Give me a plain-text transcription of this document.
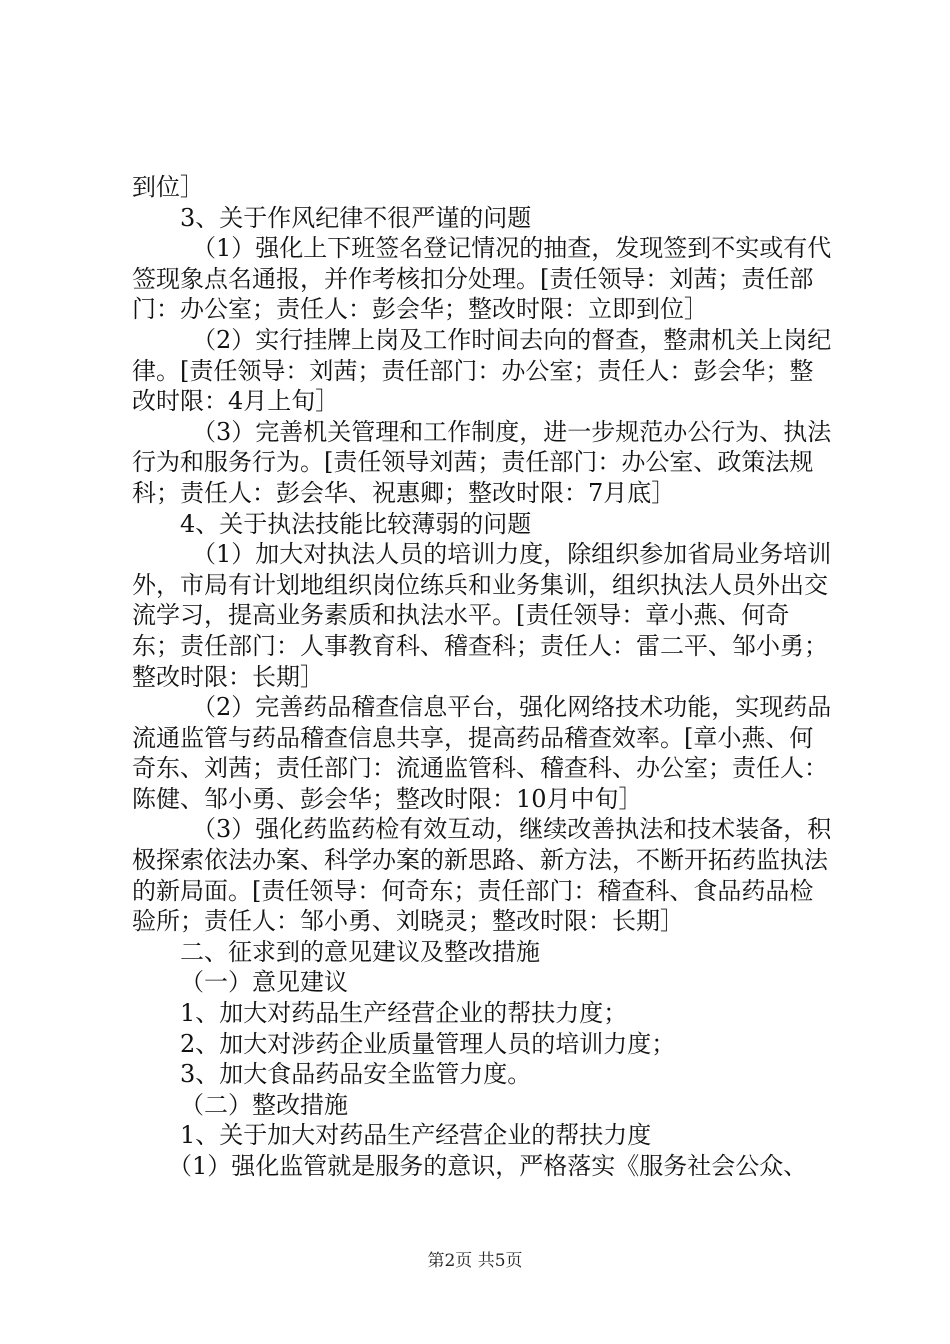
到位］

3、关于作风纪律不很严谨的问题

（1）强化上下班签名登记情况的抽查，发现签到不实或有代签现象点名通报，并作考核扣分处理。[责任领导：刘茜；责任部门：办公室；责任人：彭会华；整改时限：立即到位］

（2）实行挂牌上岗及工作时间去向的督查，整肃机关上岗纪律。[责任领导：刘茜；责任部门：办公室；责任人：彭会华；整改时限：4月上旬］

（3）完善机关管理和工作制度，进一步规范办公行为、执法行为和服务行为。[责任领导刘茜；责任部门：办公室、政策法规科；责任人：彭会华、祝惠卿；整改时限：7月底］

4、关于执法技能比较薄弱的问题

（1）加大对执法人员的培训力度，除组织参加省局业务培训外，市局有计划地组织岗位练兵和业务集训，组织执法人员外出交流学习，提高业务素质和执法水平。[责任领导：章小燕、何奇东；责任部门：人事教育科、稽查科；责任人：雷二平、邹小勇；整改时限：长期］

（2）完善药品稽查信息平台，强化网络技术功能，实现药品流通监管与药品稽查信息共享，提高药品稽查效率。[章小燕、何奇东、刘茜；责任部门：流通监管科、稽查科、办公室；责任人：陈健、邹小勇、彭会华；整改时限：10月中旬］

（3）强化药监药检有效互动，继续改善执法和技术装备，积极探索依法办案、科学办案的新思路、新方法，不断开拓药监执法的新局面。[责任领导：何奇东；责任部门：稽查科、食品药品检验所；责任人：邹小勇、刘晓灵；整改时限：长期］

二、征求到的意见建议及整改措施

（一）意见建议

1、加大对药品生产经营企业的帮扶力度；

2、加大对涉药企业质量管理人员的培训力度；

3、加大食品药品安全监管力度。

（二）整改措施

1、关于加大对药品生产经营企业的帮扶力度

（1）强化监管就是服务的意识，严格落实《服务社会公众、

第2页 共5页
